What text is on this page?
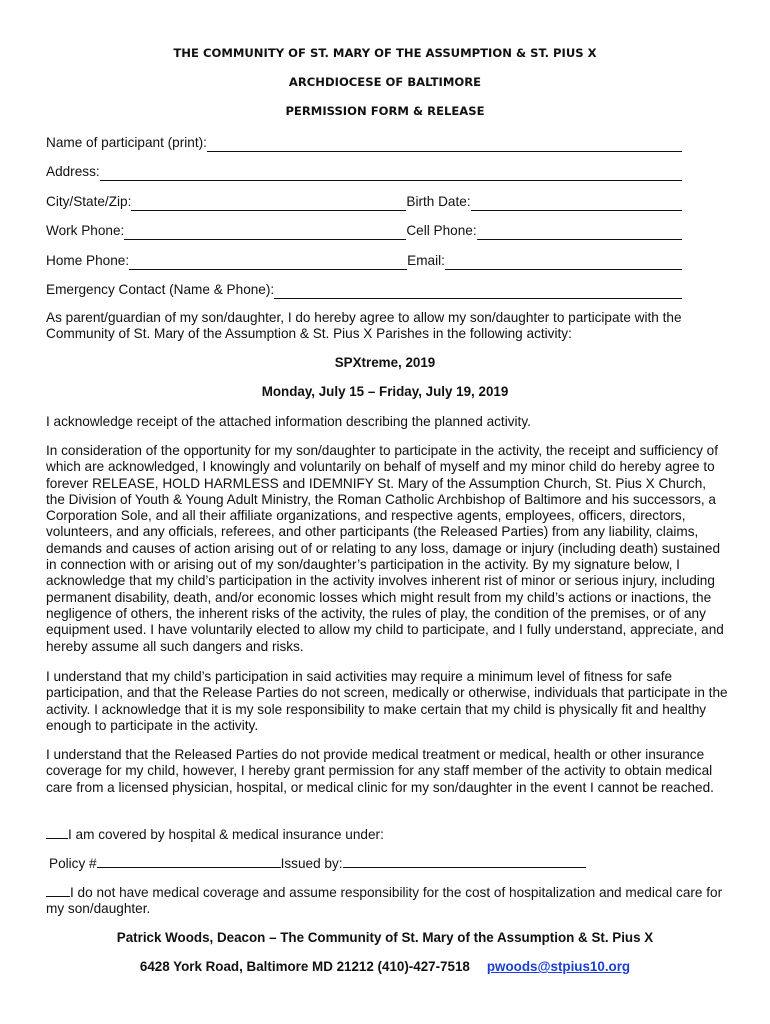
THE COMMUNITY OF ST. MARY OF THE ASSUMPTION & ST. PIUS X
ARCHDIOCESE OF BALTIMORE
PERMISSION FORM & RELEASE
Name of participant (print):
Address:
City/State/Zip:	Birth Date:
Work Phone:	Cell Phone:
Home Phone:	Email:
Emergency Contact (Name & Phone):

As parent/guardian of my son/daughter, I do hereby agree to allow my son/daughter to participate with the Community of St. Mary of the Assumption & St. Pius X Parishes in the following activity:

SPXtreme, 2019
Monday, July 15 – Friday, July 19, 2019

I acknowledge receipt of the attached information describing the planned activity.

In consideration of the opportunity for my son/daughter to participate in the activity, the receipt and sufficiency of which are acknowledged, I knowingly and voluntarily on behalf of myself and my minor child do hereby agree to forever RELEASE, HOLD HARMLESS and IDEMNIFY St. Mary of the Assumption Church, St. Pius X Church, the Division of Youth & Young Adult Ministry, the Roman Catholic Archbishop of Baltimore and his successors, a Corporation Sole, and all their affiliate organizations, and respective agents, employees, officers, directors, volunteers, and any officials, referees, and other participants (the Released Parties) from any liability, claims, demands and causes of action arising out of or relating to any loss, damage or injury (including death) sustained in connection with or arising out of my son/daughter’s participation in the activity. By my signature below, I acknowledge that my child’s participation in the activity involves inherent rist of minor or serious injury, including permanent disability, death, and/or economic losses which might result from my child’s actions or inactions, the negligence of others, the inherent risks of the activity, the rules of play, the condition of the premises, or of any equipment used. I have voluntarily elected to allow my child to participate, and I fully understand, appreciate, and hereby assume all such dangers and risks.

I understand that my child’s participation in said activities may require a minimum level of fitness for safe participation, and that the Release Parties do not screen, medically or otherwise, individuals that participate in the activity. I acknowledge that it is my sole responsibility to make certain that my child is physically fit and healthy enough to participate in the activity.

I understand that the Released Parties do not provide medical treatment or medical, health or other insurance coverage for my child, however, I hereby grant permission for any staff member of the activity to obtain medical care from a licensed physician, hospital, or medical clinic for my son/daughter in the event I cannot be reached.

I am covered by hospital & medical insurance under:
Policy #	Issued by:
I do not have medical coverage and assume responsibility for the cost of hospitalization and medical care for my son/daughter.
Patrick Woods, Deacon – The Community of St. Mary of the Assumption & St. Pius X
6428 York Road, Baltimore MD 21212 (410)-427-7518 pwoods@stpius10.org
